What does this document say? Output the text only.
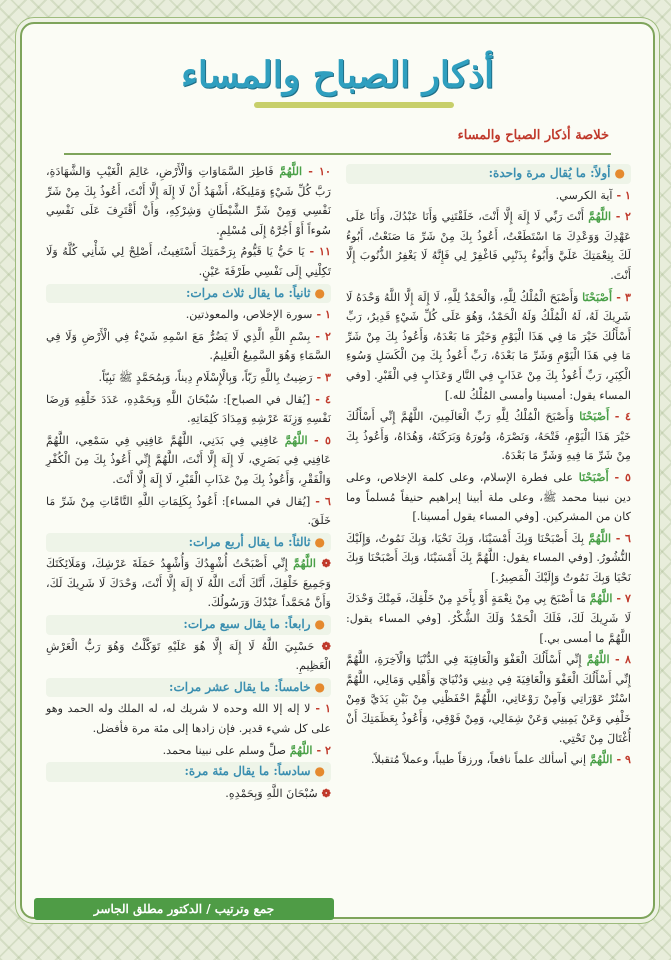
أذكار الصباح والمساء
خلاصة أذكار الصباح والمساء
●أولاً: ما يُقال مرة واحدة:
١ - آية الكرسي.
٢ - اللَّهُمَّ أَنْتَ رَبِّي لَا إِلَهَ إِلَّا أَنْتَ، خَلَقْتَنِي وَأَنَا عَبْدُكَ، وَأَنَا عَلَى عَهْدِكَ وَوَعْدِكَ مَا اسْتَطَعْتُ، أَعُوذُ بِكَ مِنْ شَرِّ مَا صَنَعْتُ، أَبُوءُ لَكَ بِنِعْمَتِكَ عَلَيَّ وَأَبُوءُ بِذَنْبِي فَاغْفِرْ لِي فَإِنَّهُ لَا يَغْفِرُ الذُّنُوبَ إِلَّا أَنْتَ.
٣ - أَصْبَحْنَا وَأَصْبَحَ الْمُلْكُ لِلَّهِ، وَالْحَمْدُ لِلَّهِ، لَا إِلَهَ إِلَّا اللَّهُ وَحْدَهُ لَا شَرِيكَ لَهُ، لَهُ الْمُلْكُ وَلَهُ الْحَمْدُ، وَهُوَ عَلَى كُلِّ شَيْءٍ قَدِيرٌ، رَبِّ أَسْأَلُكَ خَيْرَ مَا فِي هَذَا الْيَوْمِ وَخَيْرَ مَا بَعْدَهُ، وَأَعُوذُ بِكَ مِنْ شَرِّ مَا فِي هَذَا الْيَوْمِ وَشَرِّ مَا بَعْدَهُ، رَبِّ أَعُوذُ بِكَ مِنَ الْكَسَلِ وَسُوءِ الْكِبَرِ، رَبِّ أَعُوذُ بِكَ مِنْ عَذَابٍ فِي النَّارِ وَعَذَابٍ فِي الْقَبْرِ. [وفي المساء يقول: أمسينا وأمسى المُلْكُ لله.]
٤ - أَصْبَحْنَا وَأَصْبَحَ الْمُلْكُ لِلَّهِ رَبِّ الْعَالَمِينَ، اللَّهُمَّ إِنِّي أَسْأَلُكَ خَيْرَ هَذَا الْيَوْمِ، فَتْحَهُ، وَنَصْرَهُ، وَنُورَهُ وَبَرَكَتَهُ، وَهُدَاهُ، وَأَعُوذُ بِكَ مِنْ شَرِّ مَا فِيهِ وَشَرِّ مَا بَعْدَهُ.
٥ - أَصْبَحْنَا على فطرة الإسلام، وعلى كلمة الإخلاص، وعلى دين نبينا محمد ﷺ، وعلى ملة أبينا إبراهيم حنيفاً مُسلماً وما كان من المشركين. [وفي المساء يقول أمسينا.]
٦ - اللَّهُمَّ بِكَ أَصْبَحْنَا وَبِكَ أَمْسَيْنَا، وَبِكَ نَحْيَا، وَبِكَ نَمُوتُ، وَإِلَيْكَ النُّشُورُ. [وفي المساء يقول: اللَّهُمَّ بِكَ أَمْسَيْنَا، وَبِكَ أَصْبَحْنَا وَبِكَ نَحْيَا وَبِكَ نَمُوتُ وَإِلَيْكَ الْمَصِيرُ.]
٧ - اللَّهُمَّ مَا أَصْبَحَ بِي مِنْ نِعْمَةٍ أَوْ بِأَحَدٍ مِنْ خَلْقِكَ، فَمِنْكَ وَحْدَكَ لَا شَرِيكَ لَكَ، فَلَكَ الْحَمْدُ وَلَكَ الشُّكْرُ. [وفي المساء يقول: اللَّهُمَّ ما أمسى بي.]
٨ - اللَّهُمَّ إِنِّي أَسْأَلُكَ الْعَفْوَ وَالْعَافِيَةَ فِي الدُّنْيَا وَالْآخِرَةِ، اللَّهُمَّ إِنِّي أَسْأَلُكَ الْعَفْوَ وَالْعَافِيَةَ فِي دِينِي وَدُنْيَايَ وَأَهْلِي وَمَالِي، اللَّهُمَّ اسْتُرْ عَوْرَاتِي وَآمِنْ رَوْعَاتِي، اللَّهُمَّ احْفَظْنِي مِنْ بَيْنِ يَدَيَّ وَمِنْ خَلْفِي وَعَنْ يَمِينِي وَعَنْ شِمَالِي، وَمِنْ فَوْقِي، وَأَعُوذُ بِعَظَمَتِكَ أَنْ أُغْتَالَ مِنْ تَحْتِي.
٩ - اللَّهُمَّ إني أسألك علماً نافعاً، ورزقاً طيباً، وعملاً مُتقبلاً.
١٠ - اللَّهُمَّ فَاطِرَ السَّمَاوَاتِ وَالْأَرْضِ، عَالِمَ الْغَيْبِ وَالشَّهَادَةِ، رَبَّ كُلِّ شَيْءٍ وَمَلِيكَهُ، أَشْهَدُ أَنْ لَا إِلَهَ إِلَّا أَنْتَ، أَعُوذُ بِكَ مِنْ شَرِّ نَفْسِي وَمِنْ شَرِّ الشَّيْطَانِ وَشِرْكِهِ، وَأَنْ أَقْتَرِفَ عَلَى نَفْسِي سُوءاً أَوْ أَجُرَّهُ إِلَى مُسْلِمٍ.
١١ - يَا حَيُّ يَا قَيُّومُ بِرَحْمَتِكَ أَسْتَغِيثُ، أَصْلِحْ لِي شَأْنِي كُلَّهُ وَلَا تَكِلْنِي إِلَى نَفْسِي طَرْفَةَ عَيْنٍ.
●ثانياً: ما يقال ثلاث مرات:
١ - سورة الإخلاص، والمعوذتين.
٢ - بِسْمِ اللَّهِ الَّذِي لَا يَضُرُّ مَعَ اسْمِهِ شَيْءٌ فِي الْأَرْضِ وَلَا فِي السَّمَاءِ وَهُوَ السَّمِيعُ الْعَلِيمُ.
٣ - رَضِيتُ بِاللَّهِ رَبّاً، وَبِالْإِسْلَامِ دِيناً، وَبِمُحَمَّدٍ ﷺ نَبِيّاً.
٤ - [يُقال في الصباح]: سُبْحَانَ اللَّهِ وَبِحَمْدِهِ، عَدَدَ خَلْقِهِ وَرِضَا نَفْسِهِ وَزِنَةَ عَرْشِهِ وَمِدَادَ كَلِمَاتِهِ.
٥ - اللَّهُمَّ عَافِنِي فِي بَدَنِي، اللَّهُمَّ عَافِنِي فِي سَمْعِي، اللَّهُمَّ عَافِنِي فِي بَصَرِي، لَا إِلَهَ إِلَّا أَنْتَ، اللَّهُمَّ إِنِّي أَعُوذُ بِكَ مِنَ الْكُفْرِ وَالْفَقْرِ، وَأَعُوذُ بِكَ مِنْ عَذَابِ الْقَبْرِ، لَا إِلَهَ إِلَّا أَنْتَ.
٦ - [يُقال في المساء]: أَعُوذُ بِكَلِمَاتِ اللَّهِ التَّامَّاتِ مِنْ شَرِّ مَا خَلَقَ.
●ثالثاً: ما يقال أربع مرات:
❁ اللَّهُمَّ إِنِّي أَصْبَحْتُ أُشْهِدُكَ وَأُشْهِدُ حَمَلَةَ عَرْشِكَ، وَمَلَائِكَتَكَ وَجَمِيعَ خَلْقِكَ، أَنَّكَ أَنْتَ اللَّهُ لَا إِلَهَ إِلَّا أَنْتَ، وَحْدَكَ لَا شَرِيكَ لَكَ، وَأَنَّ مُحَمَّداً عَبْدُكَ وَرَسُولُكَ.
●رابعاً: ما يقال سبع مرات:
❁ حَسْبِيَ اللَّهُ لَا إِلَهَ إِلَّا هُوَ عَلَيْهِ تَوَكَّلْتُ وَهُوَ رَبُّ الْعَرْشِ الْعَظِيمِ.
●خامساً: ما يقال عشر مرات:
١ - لا إله إلا الله وحده لا شريك له، له الملك وله الحمد وهو على كل شيء قدير. فإن زادها إلى مئة مرة فأفضل.
٢ - اللَّهُمَّ صلِّ وسلم على نبينا محمد.
●سادساً: ما يقال مئة مرة:
❁ سُبْحَانَ اللَّهِ وَبِحَمْدِهِ.
جمع وترتيب / الدكتور مطلق الجاسر
